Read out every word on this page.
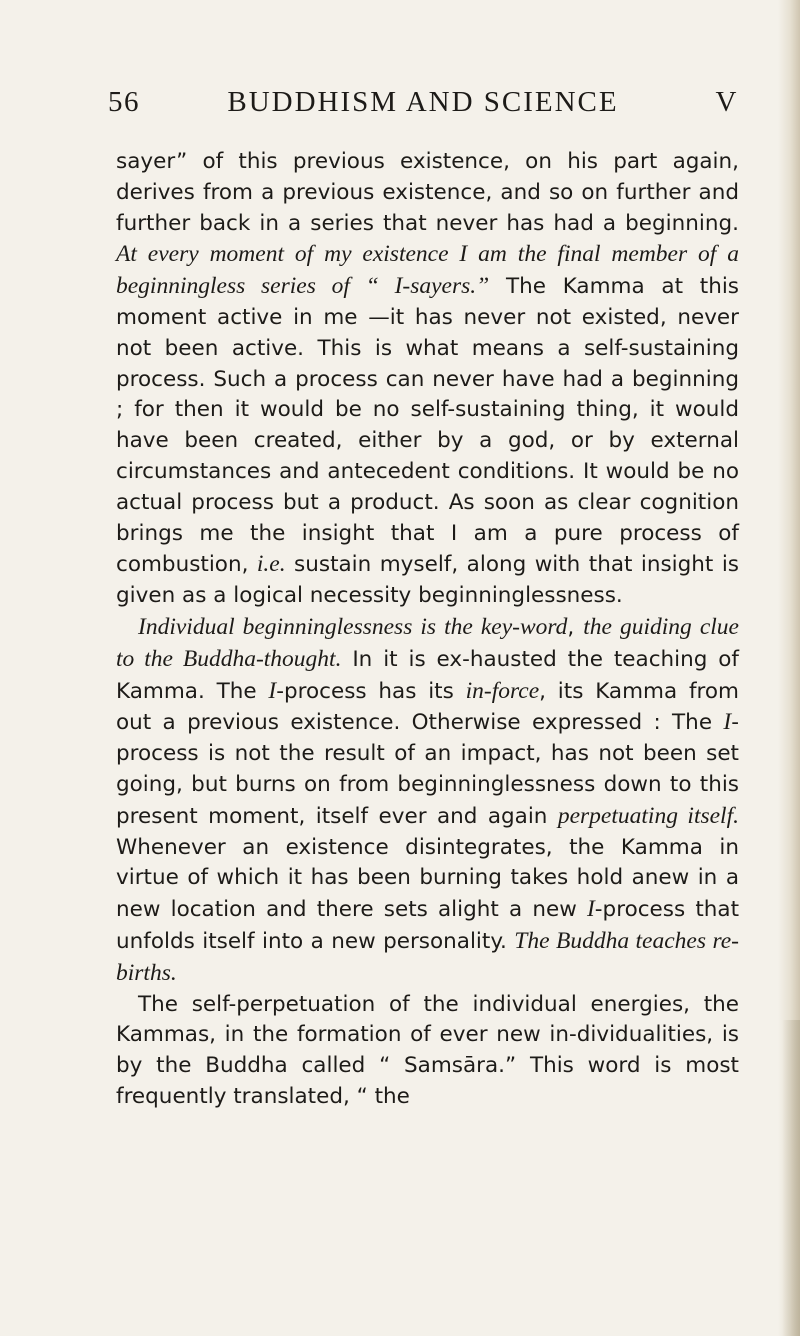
56	BUDDHISM AND SCIENCE	V

sayer” of this previous existence, on his part again, derives from a previous existence, and so on further and further back in a series that never has had a beginning. At every moment of my existence I am the final member of a beginningless series of “ I-sayers.” The Kamma at this moment active in me —it has never not existed, never not been active. This is what means a self-sustaining process. Such a process can never have had a beginning ; for then it would be no self-sustaining thing, it would have been created, either by a god, or by external circumstances and antecedent conditions. It would be no actual process but a product. As soon as clear cognition brings me the insight that I am a pure process of combustion, i.e. sustain myself, along with that insight is given as a logical necessity beginninglessness.

Individual beginninglessness is the key-word, the guiding clue to the Buddha-thought. In it is ex-hausted the teaching of Kamma. The I-process has its in-force, its Kamma from out a previous existence. Otherwise expressed : The I-process is not the result of an impact, has not been set going, but burns on from beginninglessness down to this present moment, itself ever and again perpetuating itself. Whenever an existence disintegrates, the Kamma in virtue of which it has been burning takes hold anew in a new location and there sets alight a new I-process that unfolds itself into a new personality. The Buddha teaches re-births.

The self-perpetuation of the individual energies, the Kammas, in the formation of ever new in-dividualities, is by the Buddha called “ Samsāra.” This word is most frequently translated, “ the
